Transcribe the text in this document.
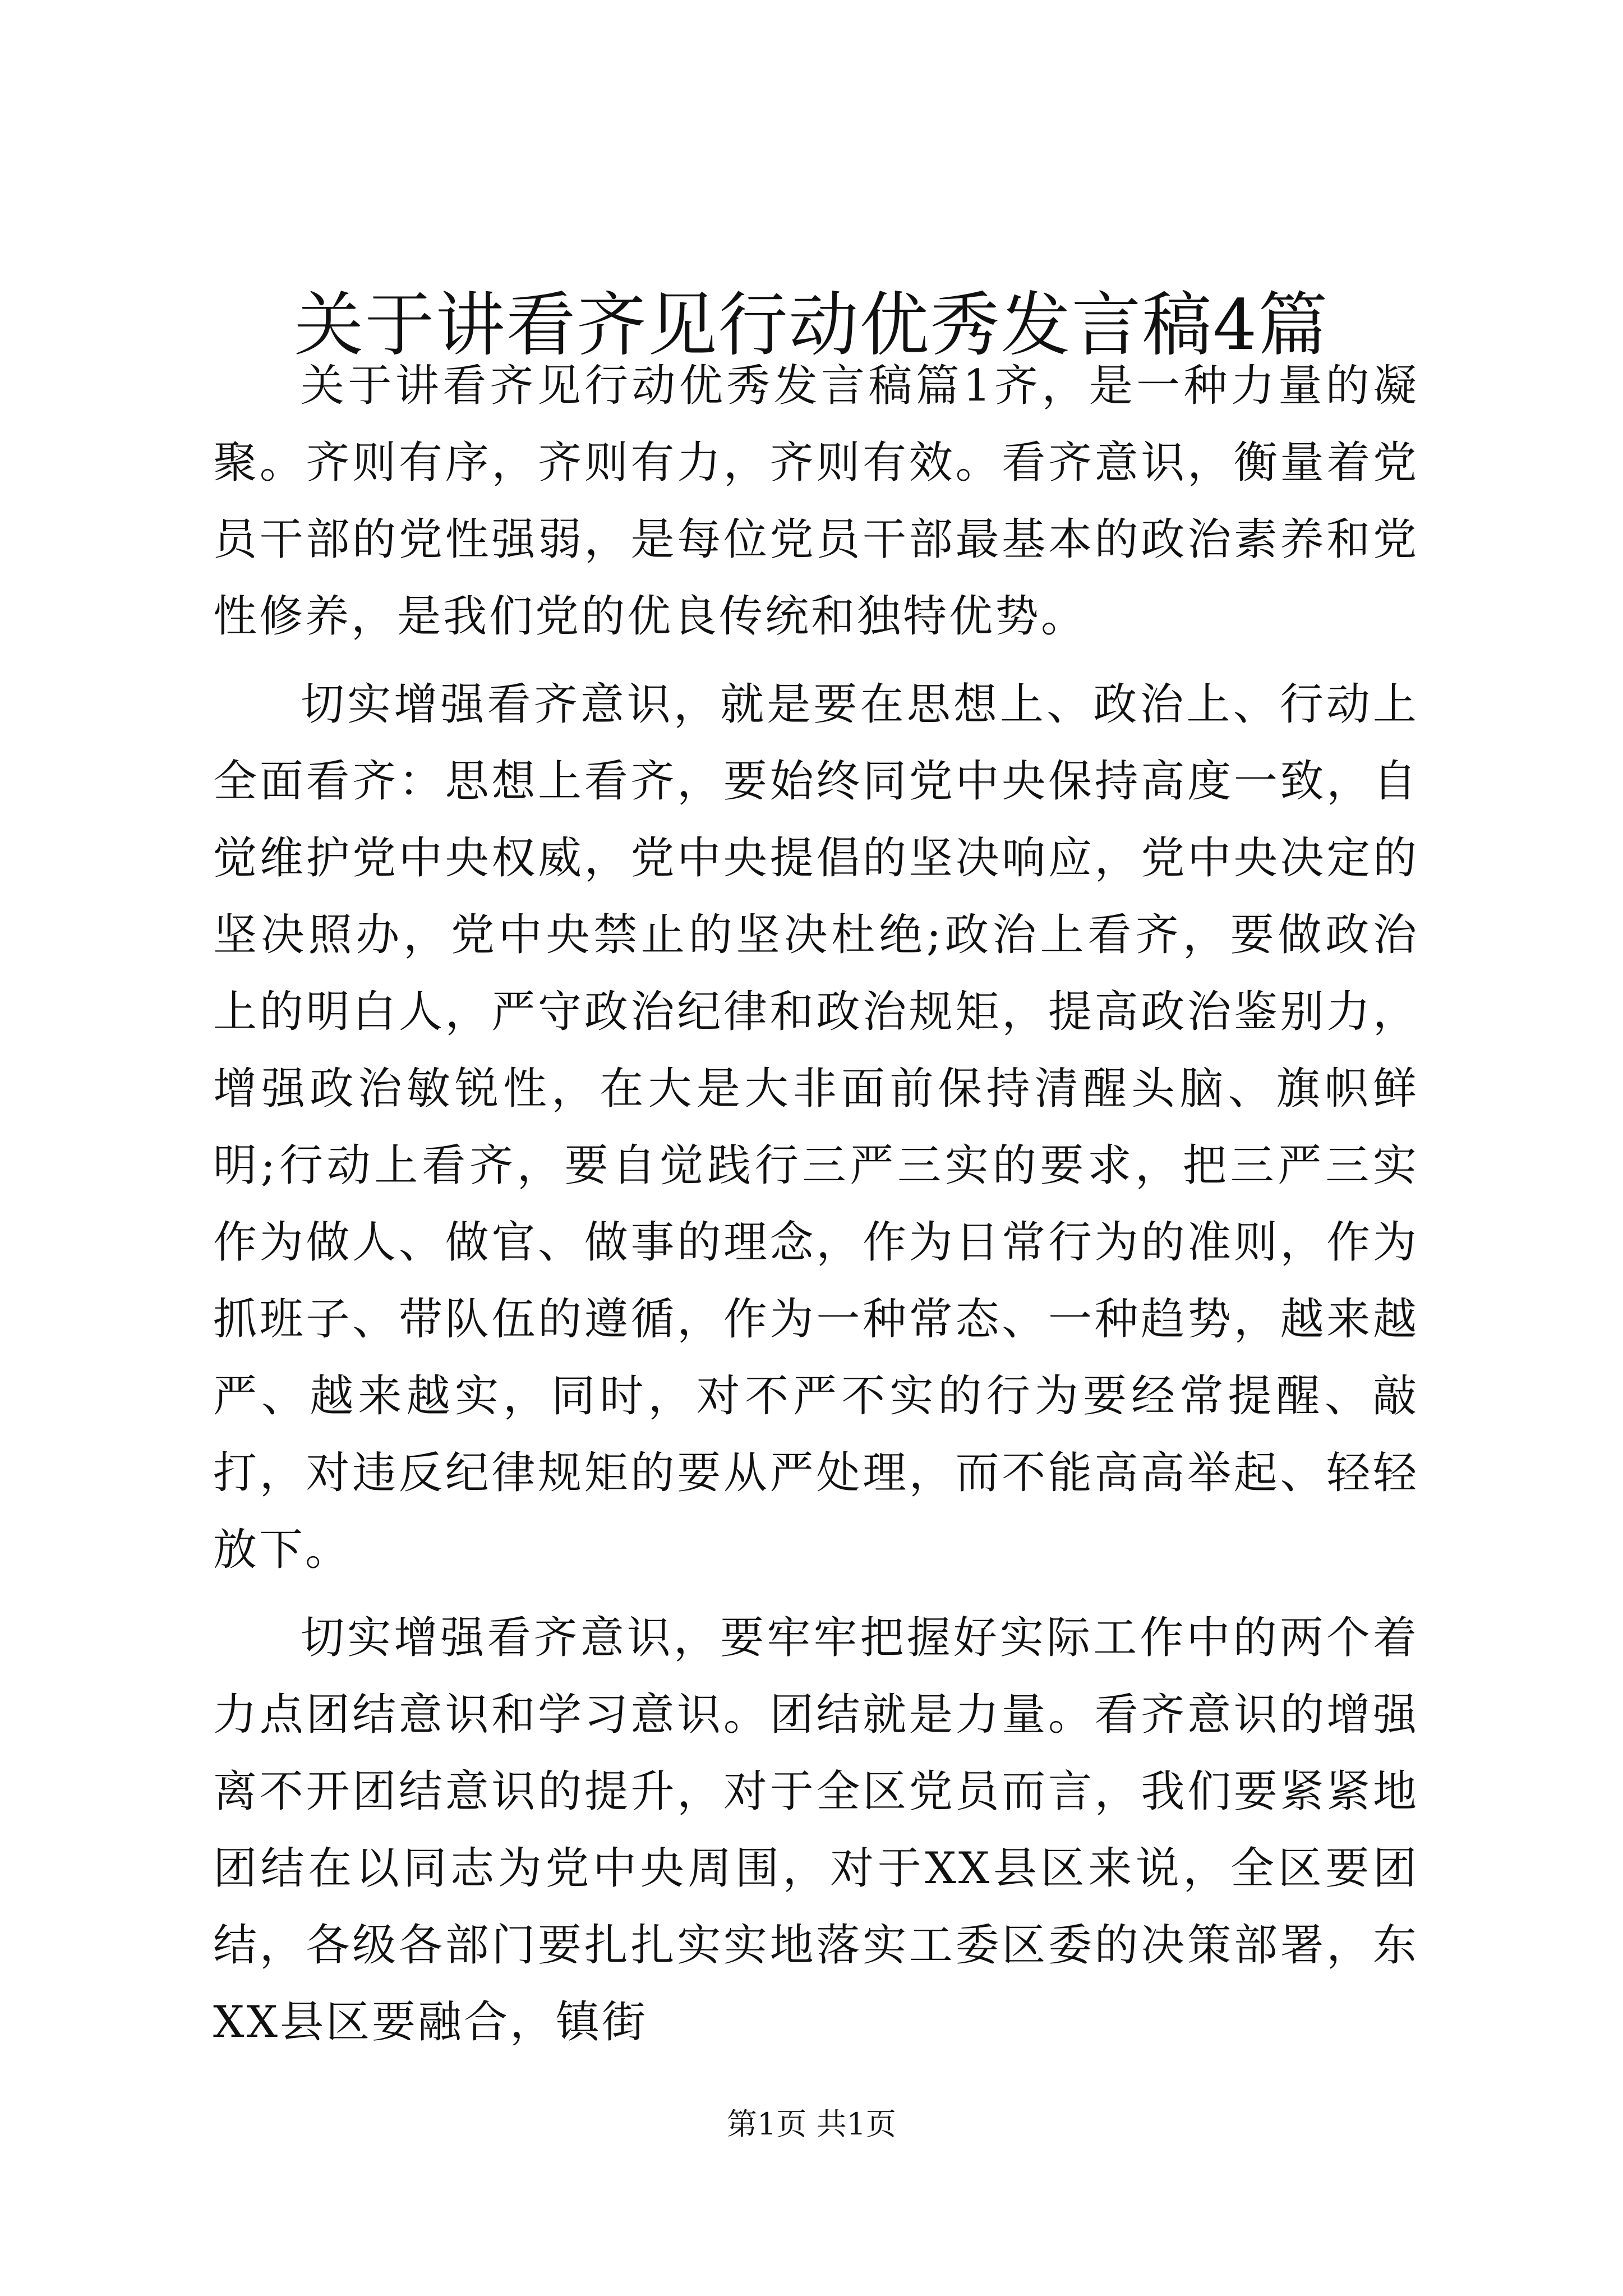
关于讲看齐见行动优秀发言稿4篇

关于讲看齐见行动优秀发言稿篇1齐，是一种力量的凝聚。齐则有序，齐则有力，齐则有效。看齐意识，衡量着党员干部的党性强弱，是每位党员干部最基本的政治素养和党性修养，是我们党的优良传统和独特优势。

切实增强看齐意识，就是要在思想上、政治上、行动上全面看齐：思想上看齐，要始终同党中央保持高度一致，自觉维护党中央权威，党中央提倡的坚决响应，党中央决定的坚决照办，党中央禁止的坚决杜绝;政治上看齐，要做政治上的明白人，严守政治纪律和政治规矩，提高政治鉴别力，增强政治敏锐性，在大是大非面前保持清醒头脑、旗帜鲜明;行动上看齐，要自觉践行三严三实的要求，把三严三实作为做人、做官、做事的理念，作为日常行为的准则，作为抓班子、带队伍的遵循，作为一种常态、一种趋势，越来越严、越来越实，同时，对不严不实的行为要经常提醒、敲打，对违反纪律规矩的要从严处理，而不能高高举起、轻轻放下。

切实增强看齐意识，要牢牢把握好实际工作中的两个着力点团结意识和学习意识。团结就是力量。看齐意识的增强离不开团结意识的提升，对于全区党员而言，我们要紧紧地团结在以同志为党中央周围，对于XX县区来说，全区要团结，各级各部门要扎扎实实地落实工委区委的决策部署，东XX县区要融合，镇街

第1页 共1页
